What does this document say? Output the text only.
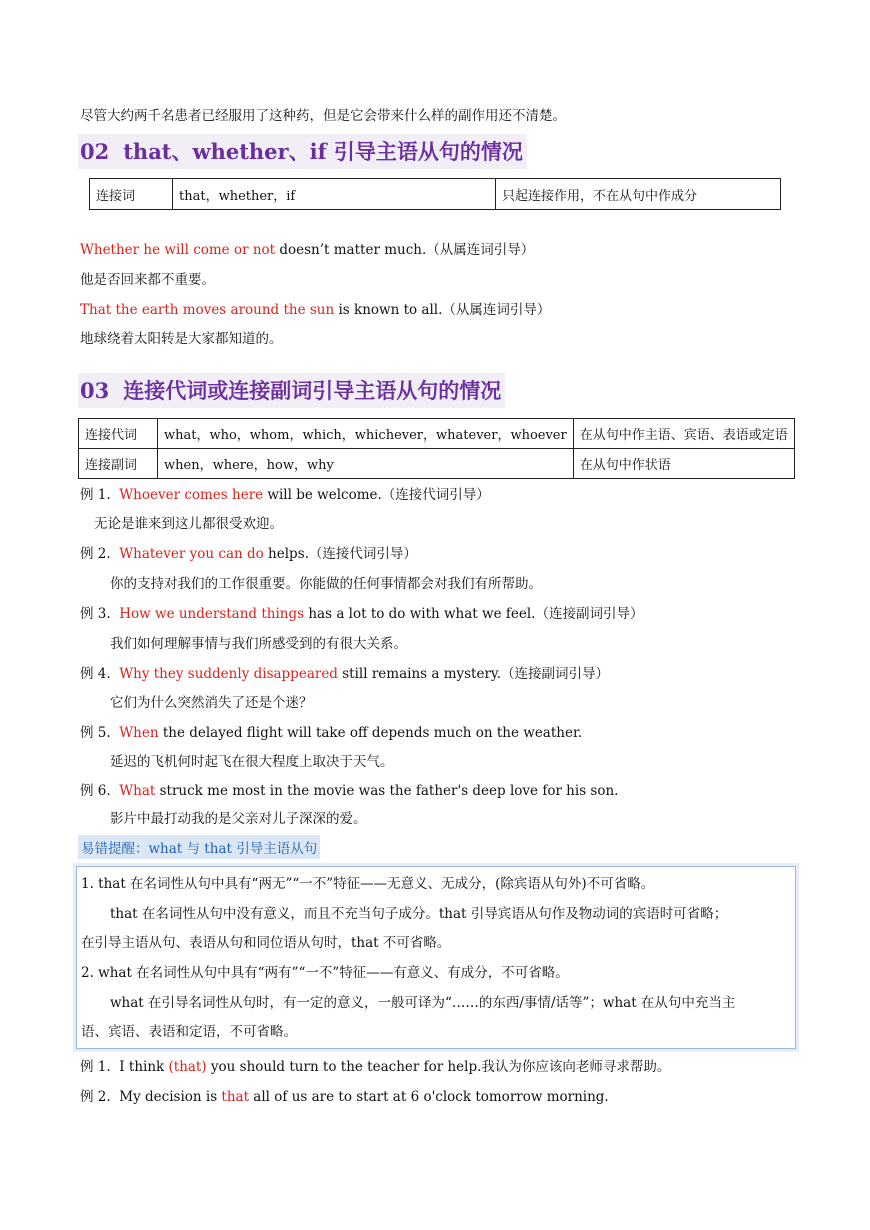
尽管大约两千名患者已经服用了这种药，但是它会带来什么样的副作用还不清楚。
02 that、whether、if 引导主语从句的情况
连接词	that，whether，if	只起连接作用，不在从句中作成分
Whether he will come or not doesn’t matter much.（从属连词引导）
他是否回来都不重要。
That the earth moves around the sun is known to all.（从属连词引导）
地球绕着太阳转是大家都知道的。
03 连接代词或连接副词引导主语从句的情况
连接代词	what，who，whom，which，whichever，whatever，whoever	在从句中作主语、宾语、表语或定语
连接副词	when，where，how，why	在从句中作状语
例 1. Whoever comes here will be welcome.（连接代词引导）
无论是谁来到这儿都很受欢迎。
例 2. Whatever you can do helps.（连接代词引导）
你的支持对我们的工作很重要。你能做的任何事情都会对我们有所帮助。
例 3. How we understand things has a lot to do with what we feel.（连接副词引导）
我们如何理解事情与我们所感受到的有很大关系。
例 4. Why they suddenly disappeared still remains a mystery.（连接副词引导）
它们为什么突然消失了还是个迷？
例 5. When the delayed flight will take off depends much on the weather.
延迟的飞机何时起飞在很大程度上取决于天气。
例 6. What struck me most in the movie was the father's deep love for his son.
影片中最打动我的是父亲对儿子深深的爱。
易错提醒：what 与 that 引导主语从句
1. that 在名词性从句中具有“两无”“一不”特征——无意义、无成分，(除宾语从句外)不可省略。
that 在名词性从句中没有意义，而且不充当句子成分。that 引导宾语从句作及物动词的宾语时可省略；
在引导主语从句、表语从句和同位语从句时，that 不可省略。
2. what 在名词性从句中具有“两有”“一不”特征——有意义、有成分，不可省略。
what 在引导名词性从句时，有一定的意义，一般可译为“……的东西/事情/话等”；what 在从句中充当主
语、宾语、表语和定语，不可省略。
例 1. I think (that) you should turn to the teacher for help.我认为你应该向老师寻求帮助。
例 2. My decision is that all of us are to start at 6 o'clock tomorrow morning.
